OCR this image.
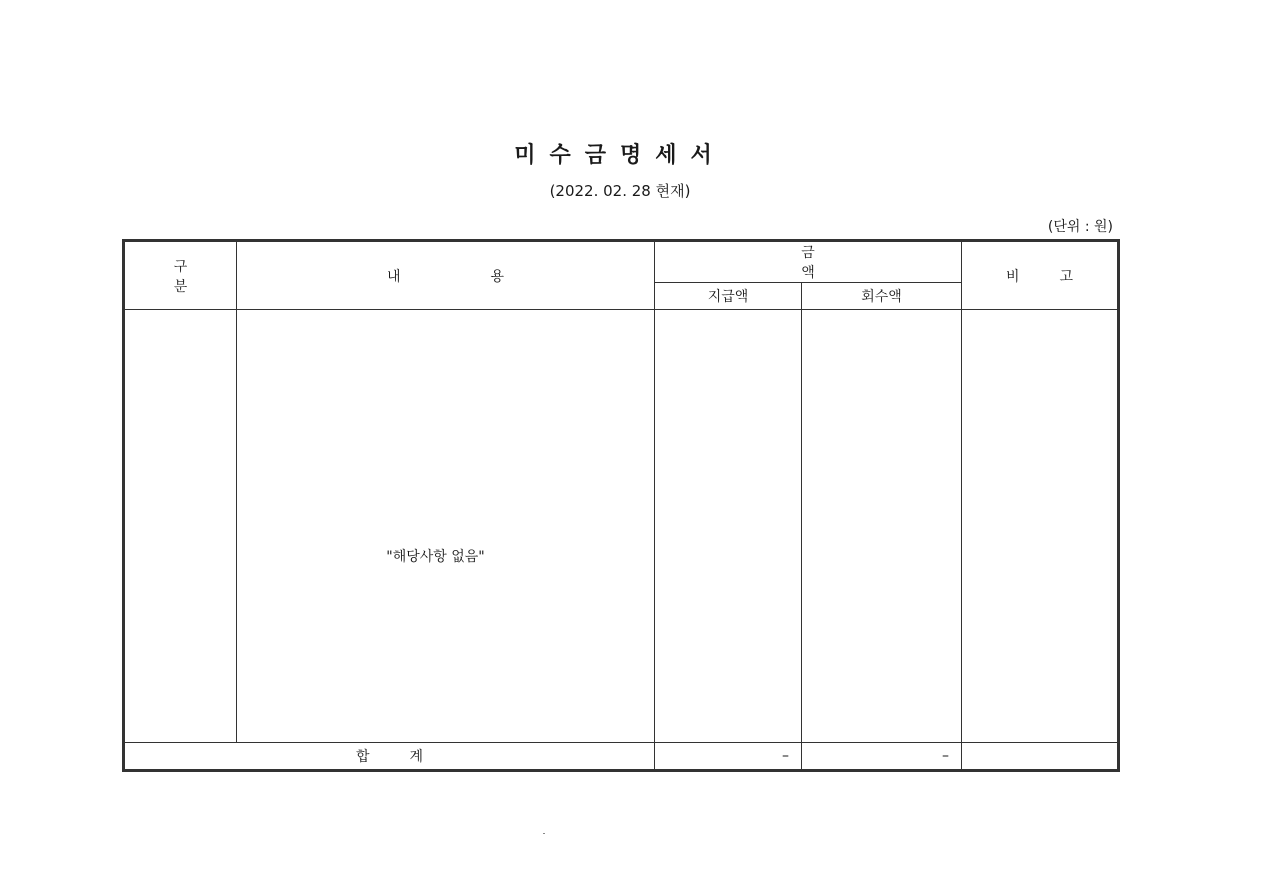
미수금명세서
(2022. 02. 28 현재)
(단위 : 원)
구분	내용	금액		비고
		지급액	회수액	

	"해당사항 없음"			

합계		–	–	
